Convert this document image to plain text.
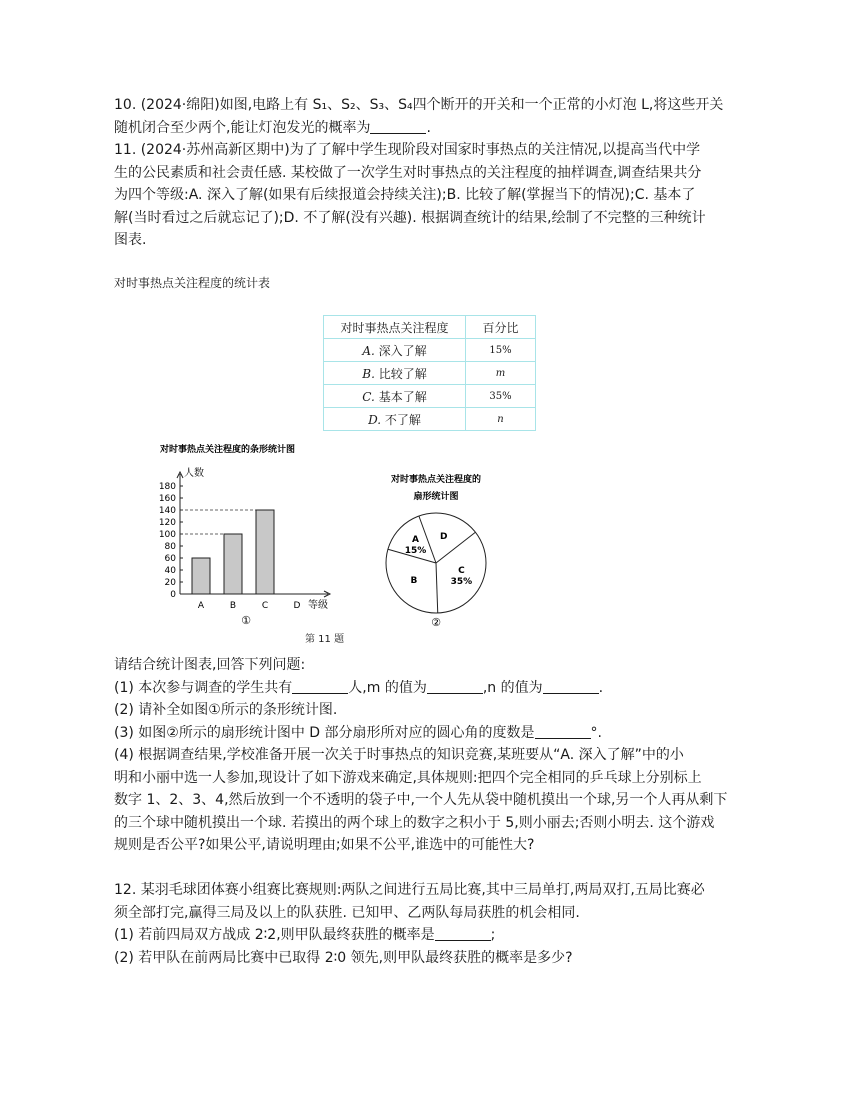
10. (2024·绵阳)如图,电路上有 S₁、S₂、S₃、S₄四个断开的开关和一个正常的小灯泡 L,将这些开关
随机闭合至少两个,能让灯泡发光的概率为	.
11. (2024·苏州高新区期中)为了了解中学生现阶段对国家时事热点的关注情况,以提高当代中学
生的公民素质和社会责任感. 某校做了一次学生对时事热点的关注程度的抽样调查,调查结果共分
为四个等级:A. 深入了解(如果有后续报道会持续关注);B. 比较了解(掌握当下的情况);C. 基本了
解(当时看过之后就忘记了);D. 不了解(没有兴趣). 根据调查统计的结果,绘制了不完整的三种统计
图表.
对时事热点关注程度的统计表
对时事热点关注程度	百分比
A. 深入了解	15%
B. 比较了解	m
C. 基本了解	35%
D. 不了解	n
对时事热点关注程度的条形统计图
人数
等级
0
20
40
60
80
100
120
140
160
180
A	B	C	D
①
对时事热点关注程度的
扇形统计图
D
C
35%
B
A
15%
②
第 11 题
请结合统计图表,回答下列问题:
(1) 本次参与调查的学生共有	人,m 的值为	,n 的值为	.
(2) 请补全如图①所示的条形统计图.
(3) 如图②所示的扇形统计图中 D 部分扇形所对应的圆心角的度数是	°.
(4) 根据调查结果,学校准备开展一次关于时事热点的知识竞赛,某班要从“A. 深入了解”中的小
明和小丽中选一人参加,现设计了如下游戏来确定,具体规则:把四个完全相同的乒乓球上分别标上
数字 1、2、3、4,然后放到一个不透明的袋子中,一个人先从袋中随机摸出一个球,另一个人再从剩下
的三个球中随机摸出一个球. 若摸出的两个球上的数字之积小于 5,则小丽去;否则小明去. 这个游戏
规则是否公平?如果公平,请说明理由;如果不公平,谁选中的可能性大?
12. 某羽毛球团体赛小组赛比赛规则:两队之间进行五局比赛,其中三局单打,两局双打,五局比赛必
须全部打完,赢得三局及以上的队获胜. 已知甲、乙两队每局获胜的机会相同.
(1) 若前四局双方战成 2∶2,则甲队最终获胜的概率是	;
(2) 若甲队在前两局比赛中已取得 2∶0 领先,则甲队最终获胜的概率是多少?
